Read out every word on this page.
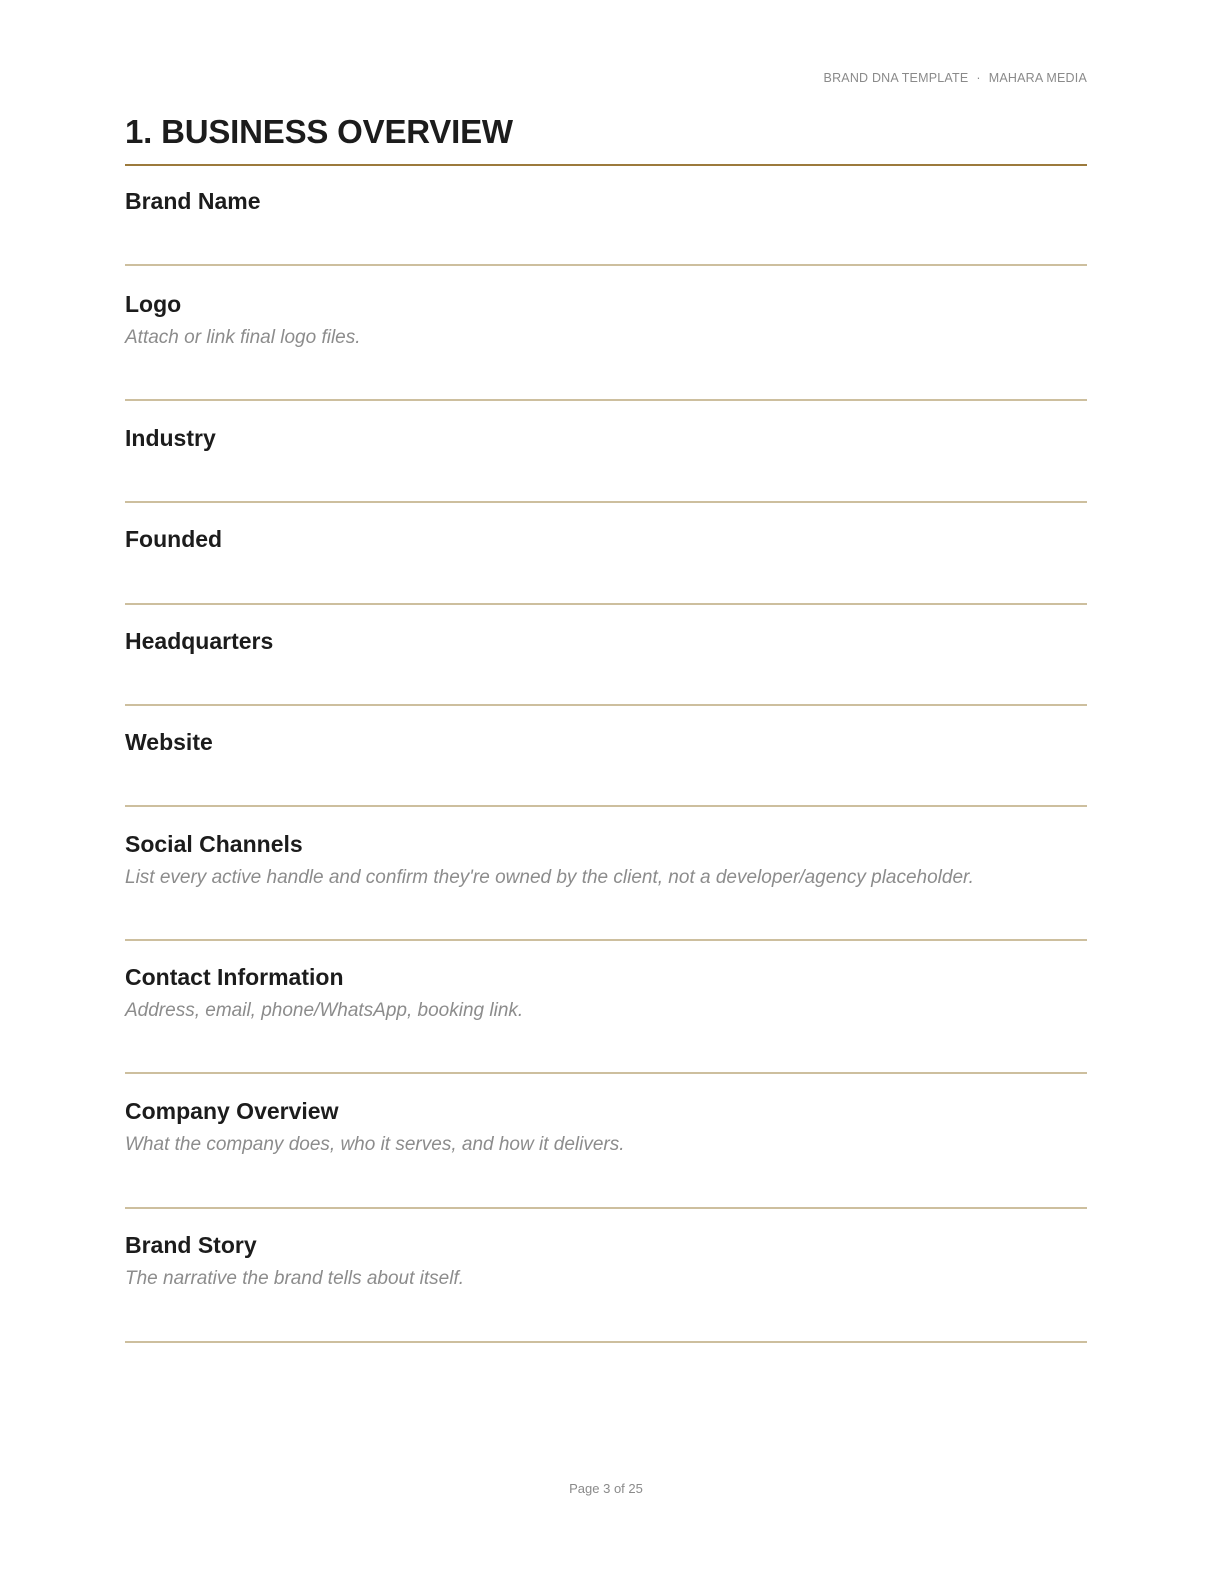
BRAND DNA TEMPLATE · MAHARA MEDIA
1. BUSINESS OVERVIEW

Brand Name

Logo

Attach or link final logo files.

Industry

Founded

Headquarters

Website

Social Channels

List every active handle and confirm they're owned by the client, not a developer/agency placeholder.

Contact Information

Address, email, phone/WhatsApp, booking link.

Company Overview

What the company does, who it serves, and how it delivers.

Brand Story

The narrative the brand tells about itself.

Page 3 of 25
